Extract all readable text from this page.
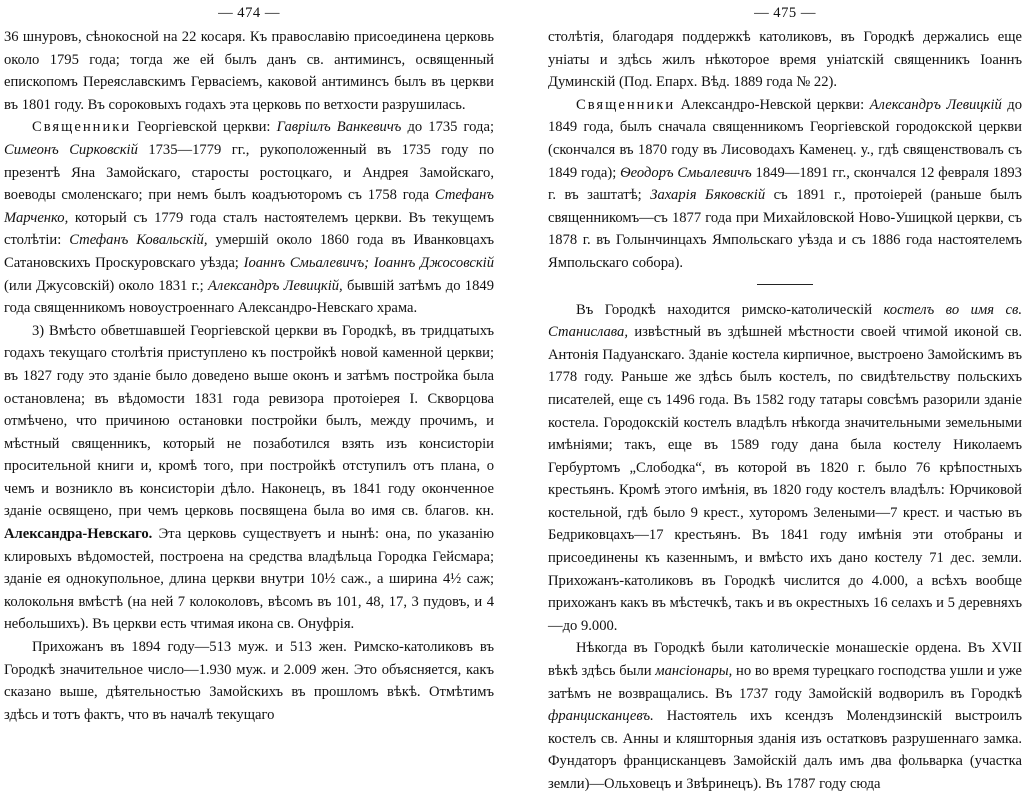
— 474 —

36 шнуровъ, сѣнокосной на 22 косаря. Къ православію присоединена церковь около 1795 года; тогда же ей былъ данъ св. антиминсъ, освященный епископомъ Переяславскимъ Гервасіемъ, каковой антиминсъ былъ въ церкви въ 1801 году. Въ сороковыхъ годахъ эта церковь по ветхости разрушилась.

Священники Георгіевской церкви: Гавріилъ Ванкевичъ до 1735 года; Симеонъ Сирковскій 1735—1779 гг., рукоположенный въ 1735 году по презентѣ Яна Замойскаго, старосты ростоцкаго, и Андрея Замойскаго, воеводы смоленскаго; при немъ былъ коадъюторомъ съ 1758 года Стефанъ Марченко, который съ 1779 года сталъ настоятелемъ церкви. Въ текущемъ столѣтіи: Стефанъ Ковальскій, умершій около 1860 года въ Иванковцахъ Сатановскихъ Проскуровскаго уѣзда; Іоаннъ Смьалевичъ; Іоаннъ Джосовскій (или Джусовскій) около 1831 г.; Александръ Левицкій, бывшій затѣмъ до 1849 года священникомъ новоустроеннаго Александро-Невскаго храма.

3) Вмѣсто обветшавшей Георгіевской церкви въ Городкѣ, въ тридцатыхъ годахъ текущаго столѣтія приступлено къ постройкѣ новой каменной церкви; въ 1827 году это зданіе было доведено выше оконъ и затѣмъ постройка была остановлена; въ вѣдомости 1831 года ревизора протоіерея І. Скворцова отмѣчено, что причиною остановки постройки былъ, между прочимъ, и мѣстный священникъ, который не позаботился взять изъ консисторіи просительной книги и, кромѣ того, при постройкѣ отступилъ отъ плана, о чемъ и возникло въ консисторіи дѣло. Наконецъ, въ 1841 году оконченное зданіе освящено, при чемъ церковь посвящена была во имя св. благов. кн. Александра-Невскаго. Эта церковь существуетъ и нынѣ: она, по указанію клировыхъ вѣдомостей, построена на средства владѣльца Городка Гейсмара; зданіе ея однокупольное, длина церкви внутри 10½ саж., а ширина 4½ саж; колокольня вмѣстѣ (на ней 7 колоколовъ, вѣсомъ въ 101, 48, 17, 3 пудовъ, и 4 небольшихъ). Въ церкви есть чтимая икона св. Онуфрія.

Прихожанъ въ 1894 году—513 муж. и 513 жен. Римско-католиковъ въ Городкѣ значительное число—1.930 муж. и 2.009 жен. Это объясняется, какъ сказано выше, дѣятельностью Замойскихъ въ прошломъ вѣкѣ. Отмѣтимъ здѣсь и тотъ фактъ, что въ началѣ текущаго

— 475 —

столѣтія, благодаря поддержкѣ католиковъ, въ Городкѣ держались еще уніаты и здѣсь жилъ нѣкоторое время уніатскій священникъ Іоаннъ Думинскій (Под. Епарх. Вѣд. 1889 года № 22).

Священники Александро-Невской церкви: Александръ Левицкій до 1849 года, былъ сначала священникомъ Георгіевской городокской церкви (скончался въ 1870 году въ Лисоводахъ Каменец. у., гдѣ священствовалъ съ 1849 года); Ѳеодоръ Смьалевичъ 1849—1891 гг., скончался 12 февраля 1893 г. въ заштатѣ; Захарія Бяковскій съ 1891 г., протоіерей (раньше былъ священникомъ—съ 1877 года при Михайловской Ново-Ушицкой церкви, съ 1878 г. въ Голынчинцахъ Ямпольскаго уѣзда и съ 1886 года настоятелемъ Ямпольскаго собора).

Въ Городкѣ находится римско-католическій костелъ во имя св. Станислава, извѣстный въ здѣшней мѣстности своей чтимой иконой св. Антонія Падуанскаго. Зданіе костела кирпичное, выстроено Замойскимъ въ 1778 году. Раньше же здѣсь былъ костелъ, по свидѣтельству польскихъ писателей, еще съ 1496 года. Въ 1582 году татары совсѣмъ разорили зданіе костела. Городокскій костелъ владѣлъ нѣкогда значительными земельными имѣніями; такъ, еще въ 1589 году дана была костелу Николаемъ Гербуртомъ „Слободка“, въ которой въ 1820 г. было 76 крѣпостныхъ крестьянъ. Кромѣ этого имѣнія, въ 1820 году костелъ владѣлъ: Юрчиковой костельной, гдѣ было 9 крест., хуторомъ Зелеными—7 крест. и частью въ Бедриковцахъ—17 крестьянъ. Въ 1841 году имѣнія эти отобраны и присоединены къ казеннымъ, и вмѣсто ихъ дано костелу 71 дес. земли. Прихожанъ-католиковъ въ Городкѣ числится до 4.000, а всѣхъ вообще прихожанъ какъ въ мѣстечкѣ, такъ и въ окрестныхъ 16 селахъ и 5 деревняхъ—до 9.000.

Нѣкогда въ Городкѣ были католическіе монашескіе ордена. Въ XVII вѣкѣ здѣсь были мансіонары, но во время турецкаго господства ушли и уже затѣмъ не возвращались. Въ 1737 году Замойскій водворилъ въ Городкѣ францисканцевъ. Настоятель ихъ ксендзъ Молендзинскій выстроилъ костелъ св. Анны и кляшторныя зданія изъ остатковъ разрушеннаго замка. Фундаторъ францисканцевъ Замойскій далъ имъ два фольварка (участка земли)—Ольховецъ и Звѣринецъ). Въ 1787 году сюда
